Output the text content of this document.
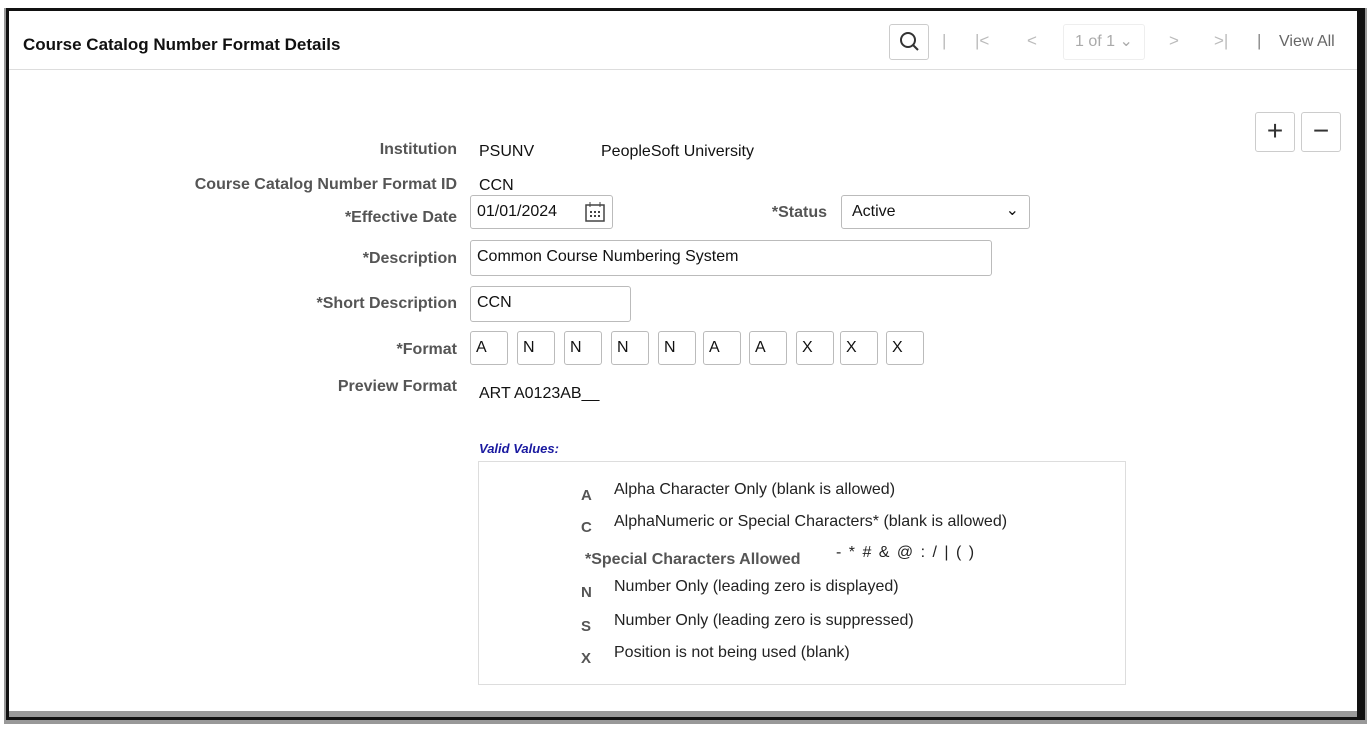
Course Catalog Number Format Details	| |< <	1 of 1 ⌄	> >| | View All
+	−
Institution PSUNV	PeopleSoft University
Course Catalog Number Format ID CCN
*Effective Date	01/01/2024	*Status	Active	⌄
*Description	Common Course Numbering System
*Short Description	CCN
*Format	A	N	N	N	N	A	A	X	X	X
Preview Format ART A0123AB__
Valid Values:
A Alpha Character Only (blank is allowed)
C AlphaNumeric or Special Characters* (blank is allowed)
*Special Characters Allowed - * # & @ : / | ( )
N Number Only (leading zero is displayed)
S Number Only (leading zero is suppressed)
X Position is not being used (blank)
